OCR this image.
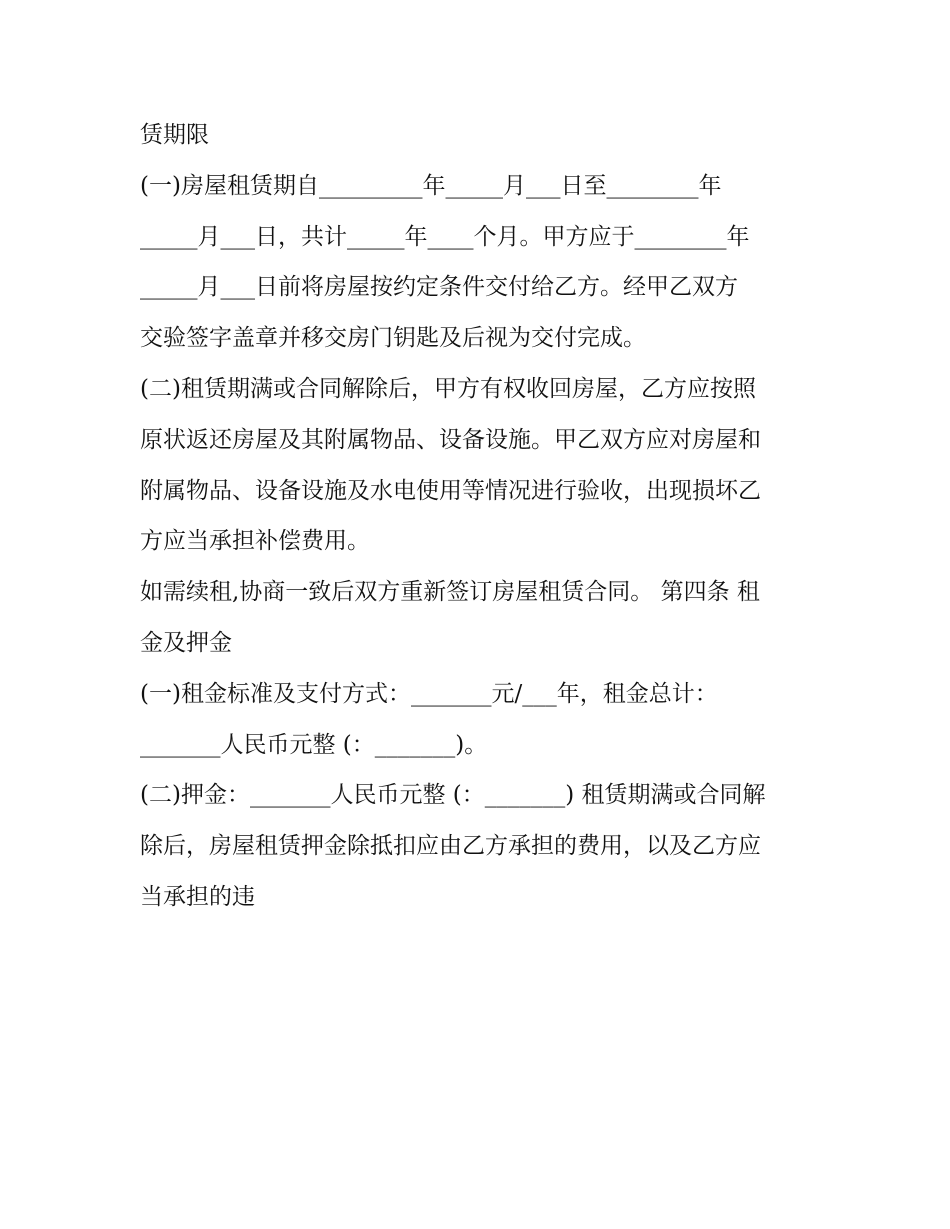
赁期限
(一)房屋租赁期自_________年_____月___日至________年
_____月___日，共计_____年____个月。甲方应于________年
_____月___日前将房屋按约定条件交付给乙方。经甲乙双方
交验签字盖章并移交房门钥匙及后视为交付完成。
(二)租赁期满或合同解除后，甲方有权收回房屋，乙方应按照
原状返还房屋及其附属物品、设备设施。甲乙双方应对房屋和
附属物品、设备设施及水电使用等情况进行验收，出现损坏乙
方应当承担补偿费用。
如需续租,协商一致后双方重新签订房屋租赁合同。 第四条 租
金及押金
(一)租金标准及支付方式：_______元/___年，租金总计：
_______人民币元整 (：_______)。
(二)押金：_______人民币元整 (：_______) 租赁期满或合同解
除后，房屋租赁押金除抵扣应由乙方承担的费用，以及乙方应
当承担的违
